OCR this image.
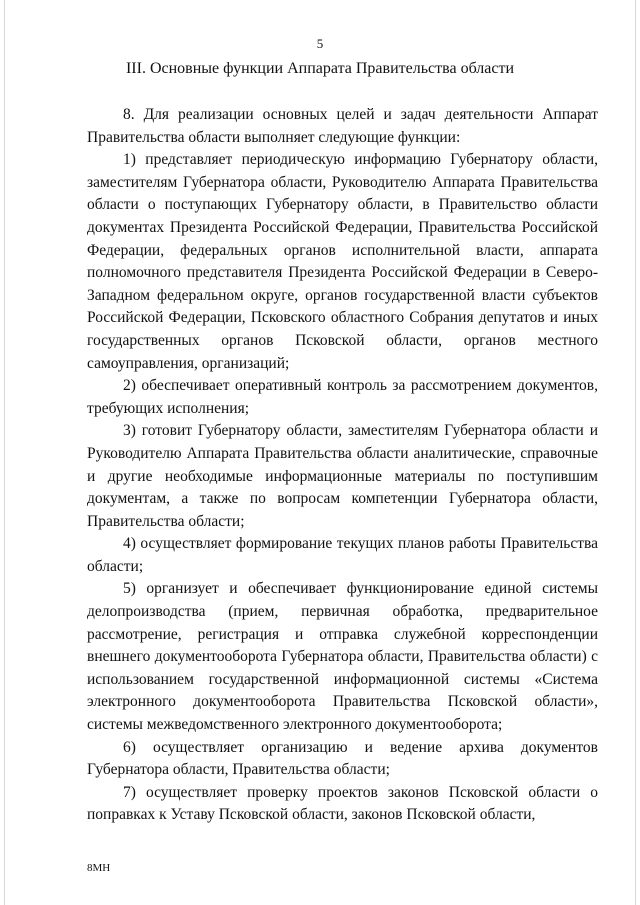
5
III. Основные функции Аппарата Правительства области

8. Для реализации основных целей и задач деятельности Аппарат Правительства области выполняет следующие функции:

1) представляет периодическую информацию Губернатору области, заместителям Губернатора области, Руководителю Аппарата Правительства области о поступающих Губернатору области, в Правительство области документах Президента Российской Федерации, Правительства Российской Федерации, федеральных органов исполнительной власти, аппарата полномочного представителя Президента Российской Федерации в Северо-Западном федеральном округе, органов государственной власти субъектов Российской Федерации, Псковского областного Собрания депутатов и иных государственных органов Псковской области, органов местного самоуправления, организаций;

2) обеспечивает оперативный контроль за рассмотрением документов, требующих исполнения;

3) готовит Губернатору области, заместителям Губернатора области и Руководителю Аппарата Правительства области аналитические, справочные и другие необходимые информационные материалы по поступившим документам, а также по вопросам компетенции Губернатора области, Правительства области;

4) осуществляет формирование текущих планов работы Правительства области;

5) организует и обеспечивает функционирование единой системы делопроизводства (прием, первичная обработка, предварительное рассмотрение, регистрация и отправка служебной корреспонденции внешнего документооборота Губернатора области, Правительства области) с использованием государственной информационной системы «Система электронного документооборота Правительства Псковской области», системы межведомственного электронного документооборота;

6) осуществляет организацию и ведение архива документов Губернатора области, Правительства области;

7) осуществляет проверку проектов законов Псковской области о поправках к Уставу Псковской области, законов Псковской области,

8МН
